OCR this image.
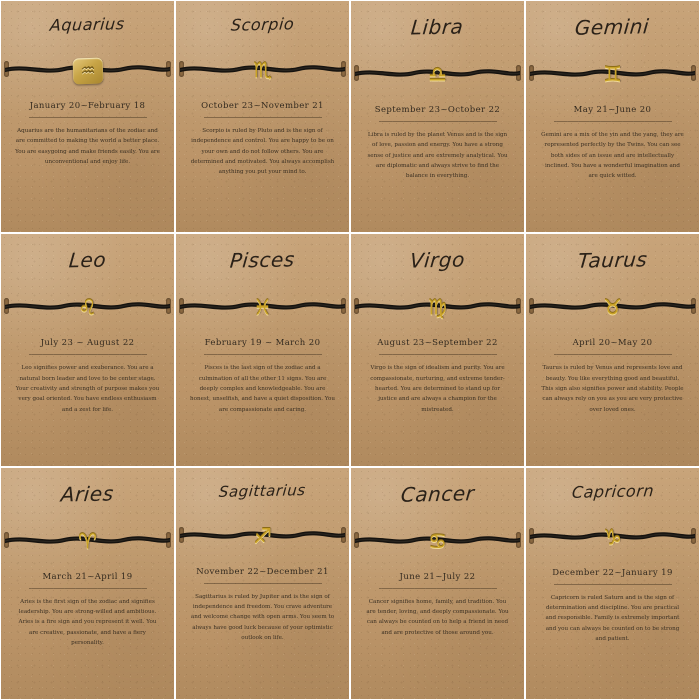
Aquarius
♒
January 20~February 18
Aquarius are the humanitarians of the zodiac and are committed to making the world a better place. You are easygoing and make friends easily. You are unconventional and enjoy life.
Scorpio
♏
October 23~November 21
Scorpio is ruled by Pluto and is the sign of independence and control. You are happy to be on your own and do not follow others. You are determined and motivated. You always accomplish anything you put your mind to.
Libra
♎
September 23~October 22
Libra is ruled by the planet Venus and is the sign of love, passion and energy. You have a strong sense of justice and are extremely analytical. You are diplomatic and always strive to find the balance in everything.
Gemini
♊
May 21~June 20
Gemini are a mix of the yin and the yang, they are represented perfectly by the Twins. You can see both sides of an issue and are intellectually inclined. You have a wonderful imagination and are quick witted.
Leo
♌
July 23 ~ August 22
Leo signifies power and exuberance. You are a natural born leader and love to be center stage. Your creativity and strength of purpose makes you very goal oriented. You have endless enthusiasm and a zest for life.
Pisces
♓
February 19 ~ March 20
Pisces is the last sign of the zodiac and a culmination of all the other 11 signs. You are deeply complex and knowledgeable. You are honest, unselfish, and have a quiet disposition. You are compassionate and caring.
Virgo
♍
August 23~September 22
Virgo is the sign of idealism and purity. You are compassionate, nurturing, and extreme tender-hearted. You are determined to stand up for justice and are always a champion for the mistreated.
Taurus
♉
April 20~May 20
Taurus is ruled by Venus and represents love and beauty. You like everything good and beautiful. This sign also signifies power and stability. People can always rely on you as you are very protective over loved ones.
Aries
♈
March 21~April 19
Aries is the first sign of the zodiac and signifies leadership. You are strong-willed and ambitious. Aries is a fire sign and you represent it well. You are creative, passionate, and have a fiery personality.
Sagittarius
♐
November 22~December 21
Sagittarius is ruled by Jupiter and is the sign of independence and freedom. You crave adventure and welcome change with open arms. You seem to always have good luck because of your optimistic outlook on life.
Cancer
♋
June 21~July 22
Cancer signifies home, family, and tradition. You are tender, loving, and deeply compassionate. You can always be counted on to help a friend in need and are protective of those around you.
Capricorn
♑
December 22~January 19
Capricorn is ruled Saturn and is the sign of determination and discipline. You are practical and responsible. Family is extremely important and you can always be counted on to be strong and patient.
